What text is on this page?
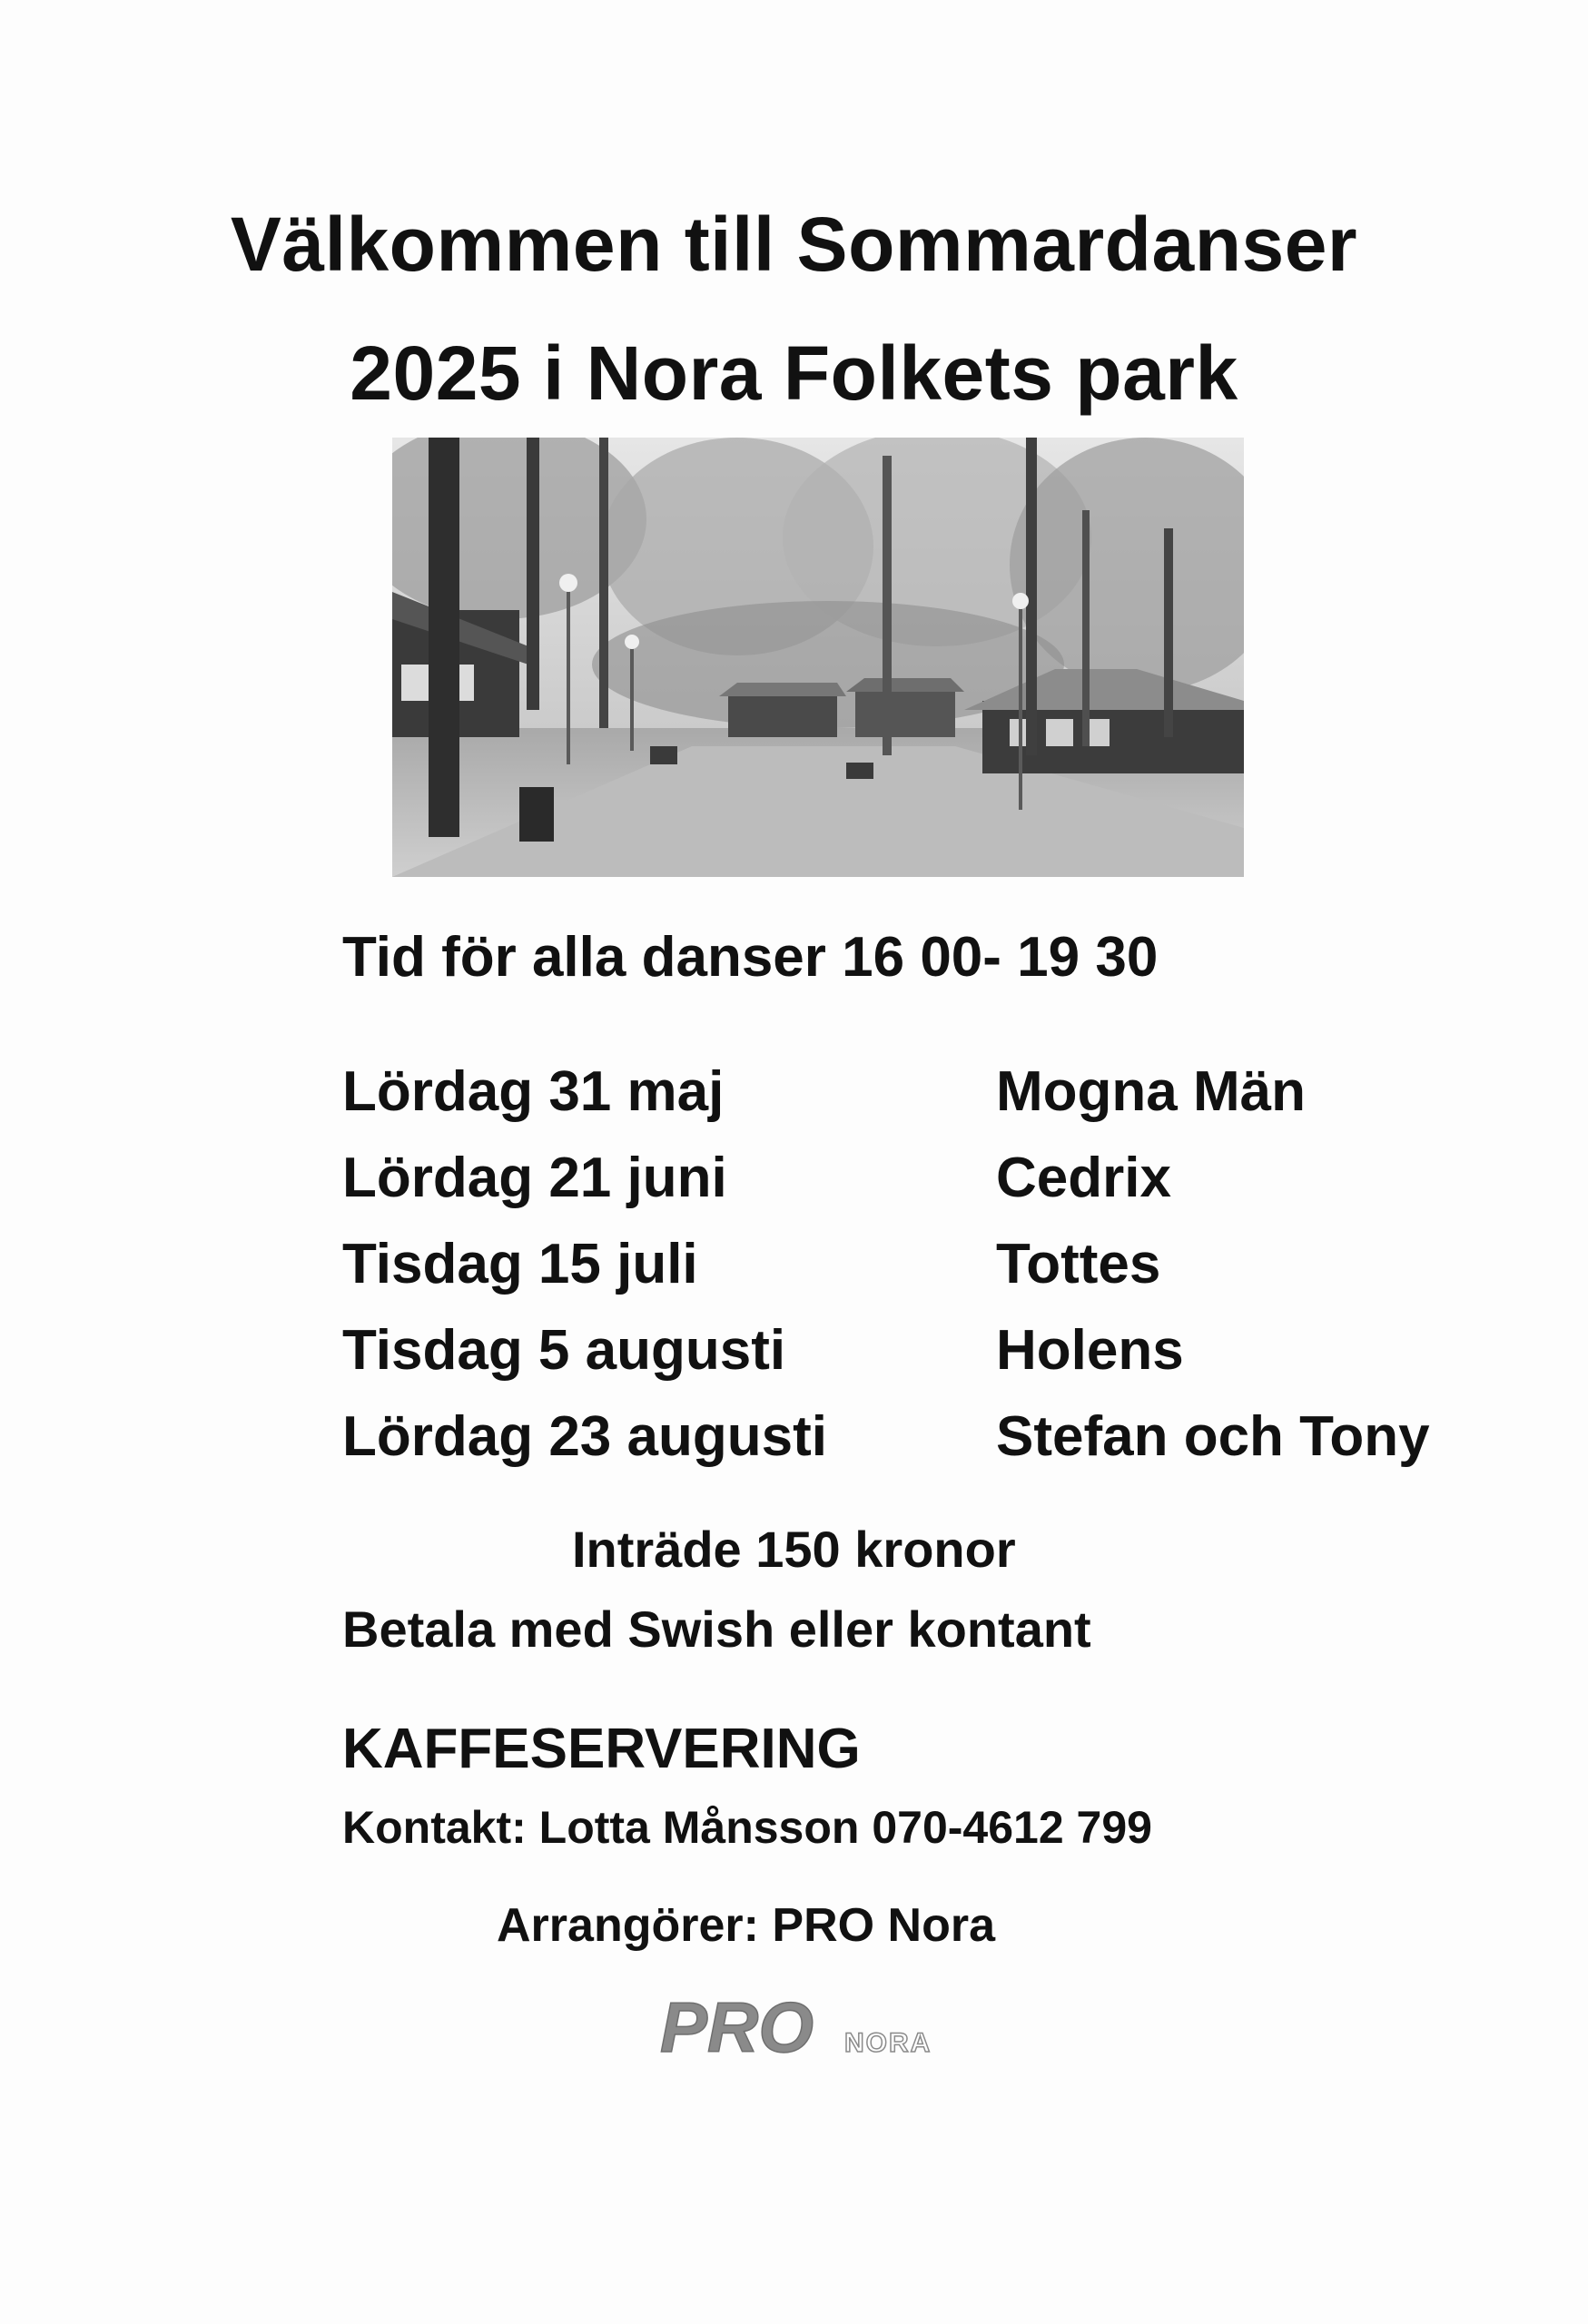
Välkommen till Sommardanser
2025 i Nora Folkets park
Tid för alla danser 16 00- 19 30
Lördag 31 maj	Mogna Män
Lördag 21 juni	Cedrix
Tisdag 15 juli	Tottes
Tisdag 5 augusti	Holens
Lördag 23 augusti	Stefan och Tony
Inträde 150 kronor
Betala med Swish eller kontant
KAFFESERVERING
Kontakt: Lotta Månsson 070-4612 799
Arrangörer: PRO Nora
PRO NORA
